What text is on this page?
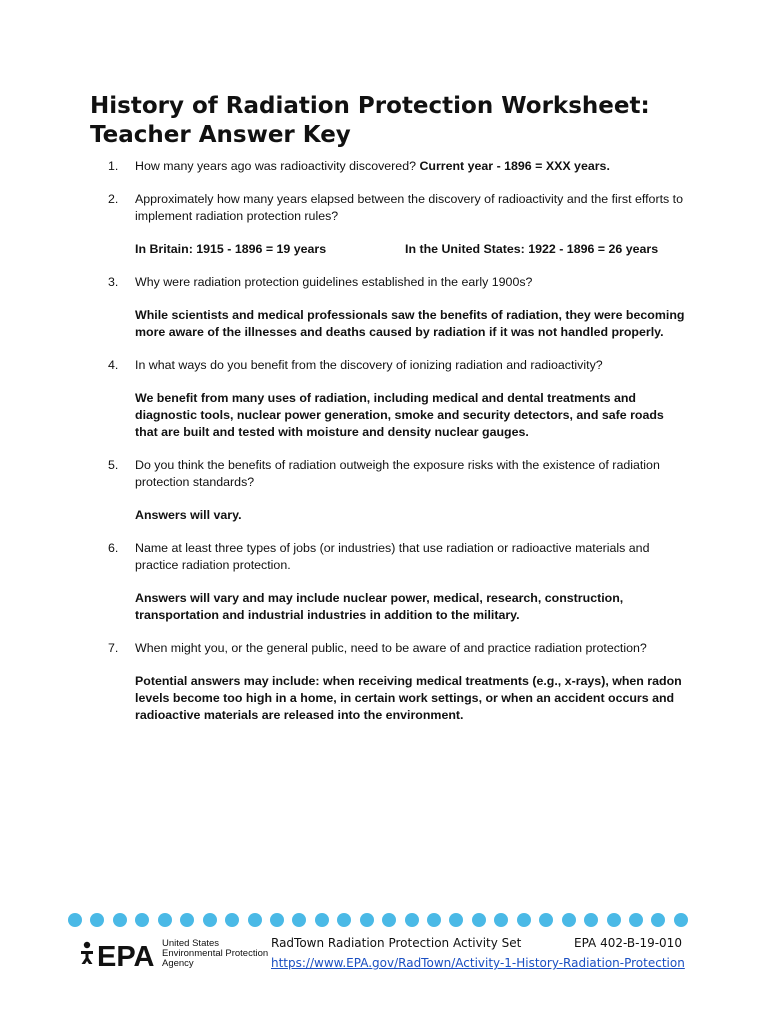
History of Radiation Protection Worksheet: Teacher Answer Key
1.	How many years ago was radioactivity discovered? Current year - 1896 = XXX years.
2.	Approximately how many years elapsed between the discovery of radioactivity and the first efforts to implement radiation protection rules?
In Britain: 1915 - 1896 = 19 years	In the United States: 1922 - 1896 = 26 years
3.	Why were radiation protection guidelines established in the early 1900s?
While scientists and medical professionals saw the benefits of radiation, they were becoming more aware of the illnesses and deaths caused by radiation if it was not handled properly.
4.	In what ways do you benefit from the discovery of ionizing radiation and radioactivity?
We benefit from many uses of radiation, including medical and dental treatments and diagnostic tools, nuclear power generation, smoke and security detectors, and safe roads that are built and tested with moisture and density nuclear gauges.
5.	Do you think the benefits of radiation outweigh the exposure risks with the existence of radiation protection standards?
Answers will vary.
6.	Name at least three types of jobs (or industries) that use radiation or radioactive materials and practice radiation protection.
Answers will vary and may include nuclear power, medical, research, construction, transportation and industrial industries in addition to the military.
7.	When might you, or the general public, need to be aware of and practice radiation protection?
Potential answers may include: when receiving medical treatments (e.g., x-rays), when radon levels become too high in a home, in certain work settings, or when an accident occurs and radioactive materials are released into the environment.
EPA United States
Environmental Protection
Agency
RadTown Radiation Protection Activity Set	EPA 402-B-19-010
https://www.EPA.gov/RadTown/Activity-1-History-Radiation-Protection
